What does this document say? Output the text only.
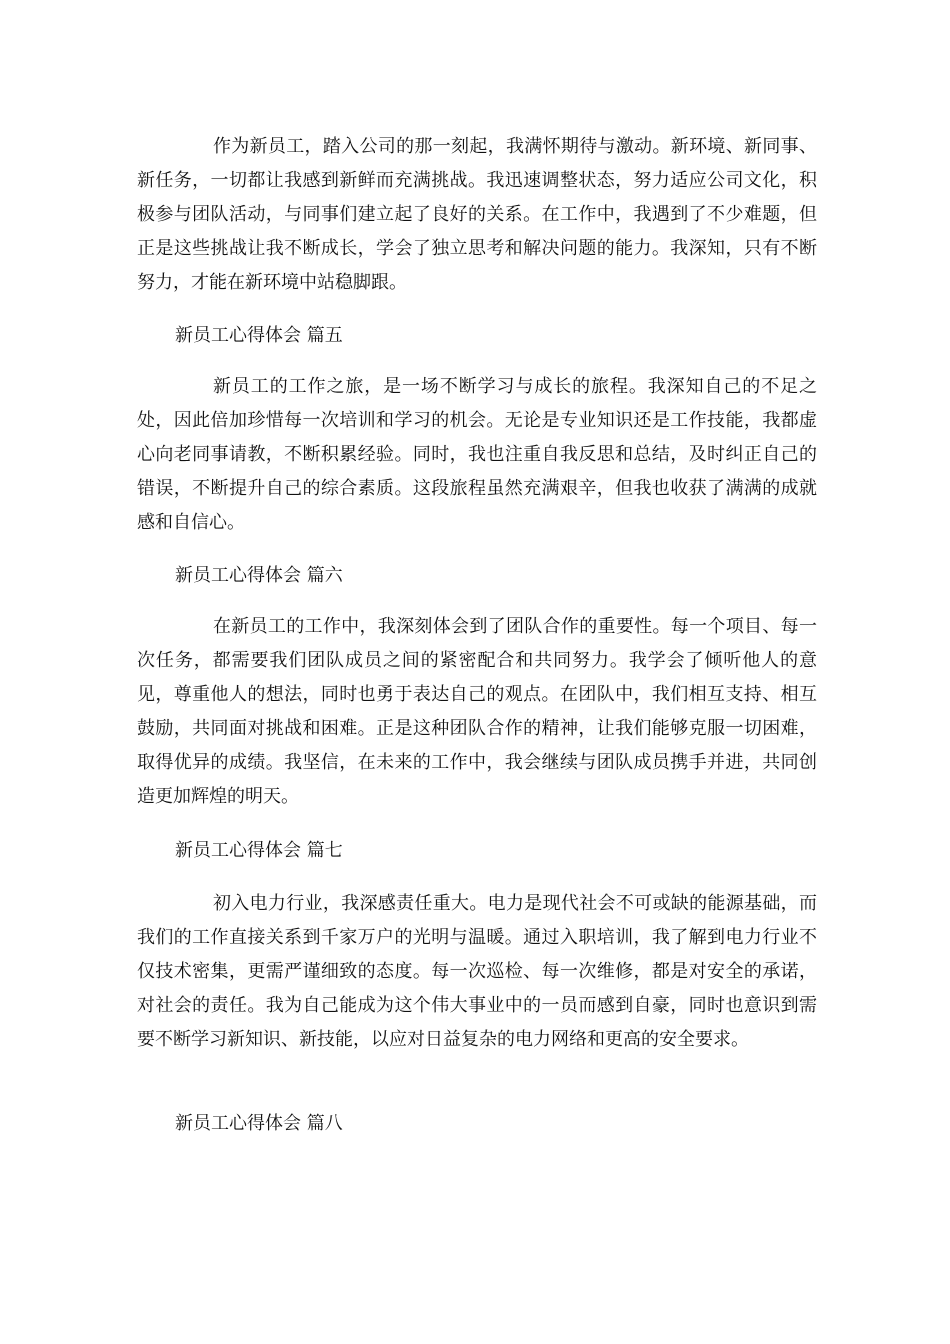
作为新员工，踏入公司的那一刻起，我满怀期待与激动。新环境、新同事、新任务，一切都让我感到新鲜而充满挑战。我迅速调整状态，努力适应公司文化，积极参与团队活动，与同事们建立起了良好的关系。在工作中，我遇到了不少难题，但正是这些挑战让我不断成长，学会了独立思考和解决问题的能力。我深知，只有不断努力，才能在新环境中站稳脚跟。

新员工心得体会 篇五

新员工的工作之旅，是一场不断学习与成长的旅程。我深知自己的不足之处，因此倍加珍惜每一次培训和学习的机会。无论是专业知识还是工作技能，我都虚心向老同事请教，不断积累经验。同时，我也注重自我反思和总结，及时纠正自己的错误，不断提升自己的综合素质。这段旅程虽然充满艰辛，但我也收获了满满的成就感和自信心。

新员工心得体会 篇六

在新员工的工作中，我深刻体会到了团队合作的重要性。每一个项目、每一次任务，都需要我们团队成员之间的紧密配合和共同努力。我学会了倾听他人的意见，尊重他人的想法，同时也勇于表达自己的观点。在团队中，我们相互支持、相互鼓励，共同面对挑战和困难。正是这种团队合作的精神，让我们能够克服一切困难，取得优异的成绩。我坚信，在未来的工作中，我会继续与团队成员携手并进，共同创造更加辉煌的明天。

新员工心得体会 篇七

初入电力行业，我深感责任重大。电力是现代社会不可或缺的能源基础，而我们的工作直接关系到千家万户的光明与温暖。通过入职培训，我了解到电力行业不仅技术密集，更需严谨细致的态度。每一次巡检、每一次维修，都是对安全的承诺，对社会的责任。我为自己能成为这个伟大事业中的一员而感到自豪，同时也意识到需要不断学习新知识、新技能，以应对日益复杂的电力网络和更高的安全要求。

新员工心得体会 篇八
